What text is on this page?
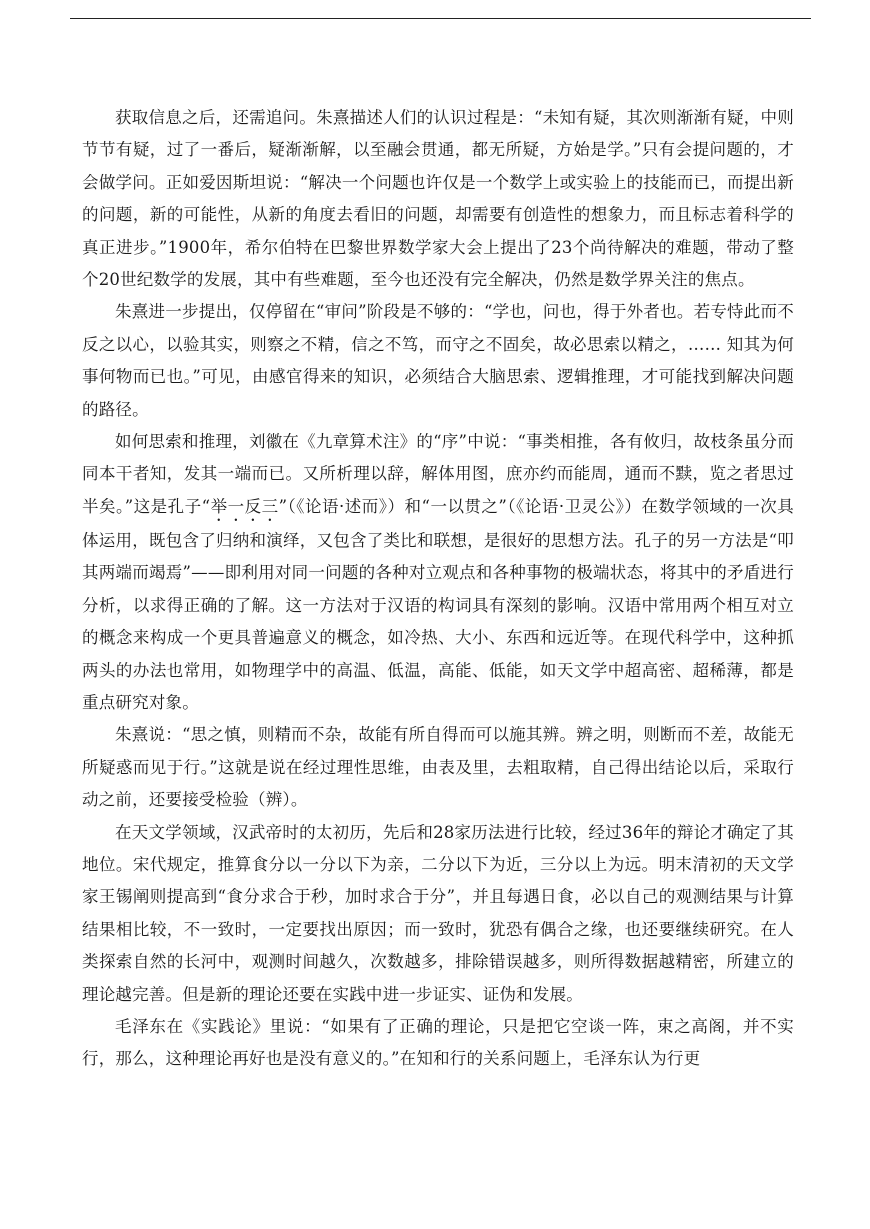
获取信息之后，还需追问。朱熹描述人们的认识过程是：“未知有疑，其次则渐渐有疑，中则节节有疑，过了一番后，疑渐渐解，以至融会贯通，都无所疑，方始是学。”只有会提问题的，才会做学问。正如爱因斯坦说：“解决一个问题也许仅是一个数学上或实验上的技能而已，而提出新的问题，新的可能性，从新的角度去看旧的问题，却需要有创造性的想象力，而且标志着科学的真正进步。”1900年，希尔伯特在巴黎世界数学家大会上提出了23个尚待解决的难题，带动了整个20世纪数学的发展，其中有些难题，至今也还没有完全解决，仍然是数学界关注的焦点。

朱熹进一步提出，仅停留在“审问”阶段是不够的：“学也，问也，得于外者也。若专恃此而不反之以心，以验其实，则察之不精，信之不笃，而守之不固矣，故必思索以精之，…… 知其为何事何物而已也。”可见，由感官得来的知识，必须结合大脑思索、逻辑推理，才可能找到解决问题的路径。

如何思索和推理，刘徽在《九章算术注》的“序”中说：“事类相推，各有攸归，故枝条虽分而同本干者知，发其一端而已。又所析理以辞，解体用图，庶亦约而能周，通而不黩，览之者思过半矣。”这是孔子“举一反三”（《论语·述而》）和“一以贯之”（《论语·卫灵公》）在数学领域的一次具体运用，既包含了归纳和演绎，又包含了类比和联想，是很好的思想方法。孔子的另一方法是“叩其两端而竭焉”——即利用对同一问题的各种对立观点和各种事物的极端状态，将其中的矛盾进行分析，以求得正确的了解。这一方法对于汉语的构词具有深刻的影响。汉语中常用两个相互对立的概念来构成一个更具普遍意义的概念，如冷热、大小、东西和远近等。在现代科学中，这种抓两头的办法也常用，如物理学中的高温、低温，高能、低能，如天文学中超高密、超稀薄，都是重点研究对象。

朱熹说：“思之慎，则精而不杂，故能有所自得而可以施其辨。辨之明，则断而不差，故能无所疑惑而见于行。”这就是说在经过理性思维，由表及里，去粗取精，自己得出结论以后，采取行动之前，还要接受检验（辨）。

在天文学领域，汉武帝时的太初历，先后和28家历法进行比较，经过36年的辩论才确定了其地位。宋代规定，推算食分以一分以下为亲，二分以下为近，三分以上为远。明末清初的天文学家王锡阐则提高到“食分求合于秒，加时求合于分”，并且每遇日食，必以自己的观测结果与计算结果相比较，不一致时，一定要找出原因；而一致时，犹恐有偶合之缘，也还要继续研究。在人类探索自然的长河中，观测时间越久，次数越多，排除错误越多，则所得数据越精密，所建立的理论越完善。但是新的理论还要在实践中进一步证实、证伪和发展。

毛泽东在《实践论》里说：“如果有了正确的理论，只是把它空谈一阵，束之高阁，并不实行，那么，这种理论再好也是没有意义的。”在知和行的关系问题上，毛泽东认为行更
